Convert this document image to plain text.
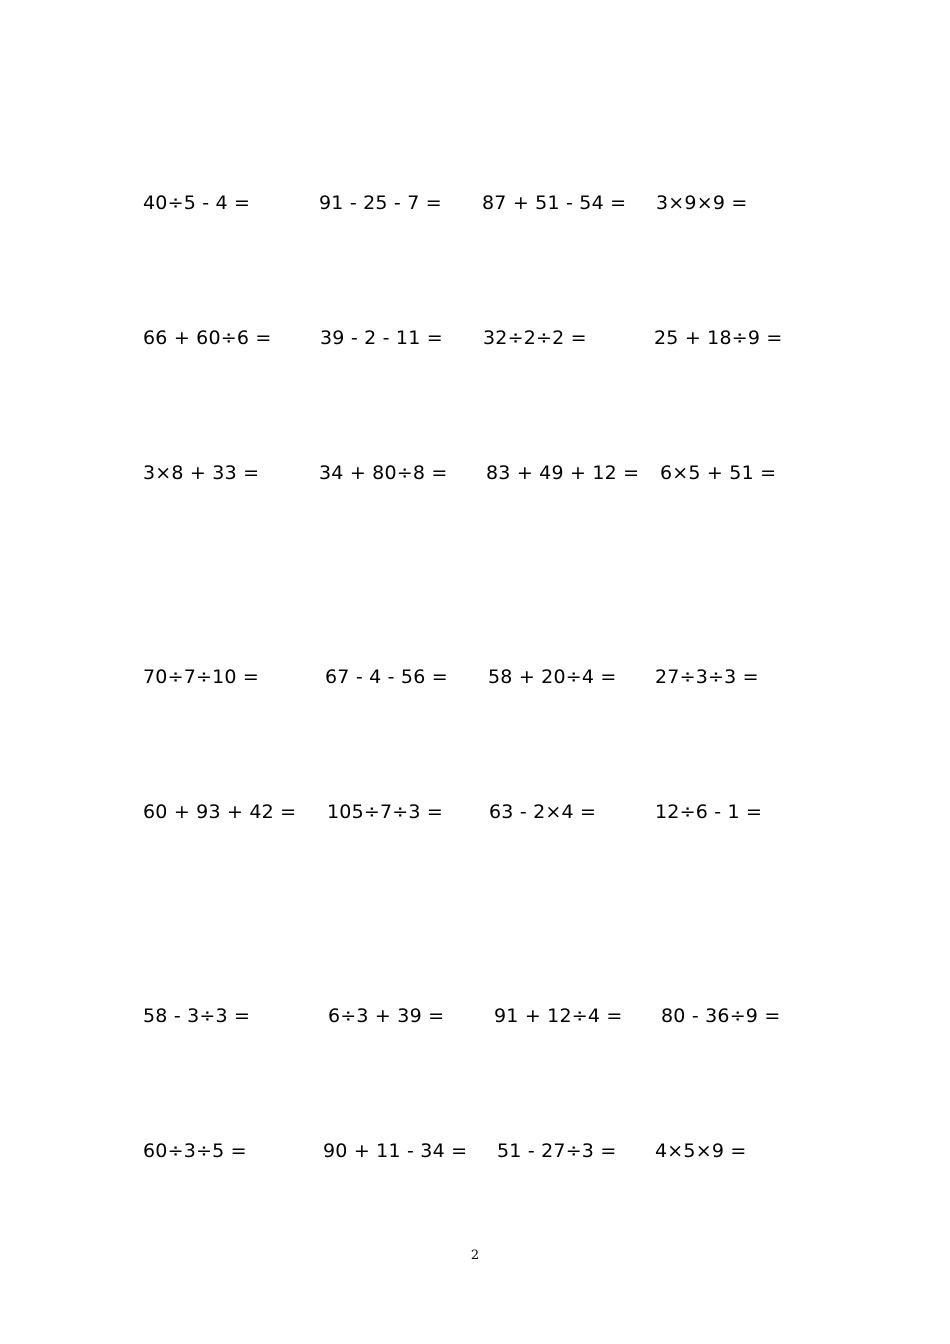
40÷5 - 4 =	91 - 25 - 7 = 87 + 51 - 54 = 3×9×9 =
66 + 60÷6 =	39 - 2 - 11 = 32÷2÷2 =	25 + 18÷9 =
3×8 + 33 =	34 + 80÷8 = 83 + 49 + 12 = 6×5 + 51 =
70÷7÷10 =	67 - 4 - 56 = 58 + 20÷4 = 27÷3÷3 =
60 + 93 + 42 = 105÷7÷3 = 63 - 2×4 =	12÷6 - 1 =
58 - 3÷3 =	6÷3 + 39 =	91 + 12÷4 = 80 - 36÷9 =
60÷3÷5 =	90 + 11 - 34 = 51 - 27÷3 = 4×5×9 =
2
